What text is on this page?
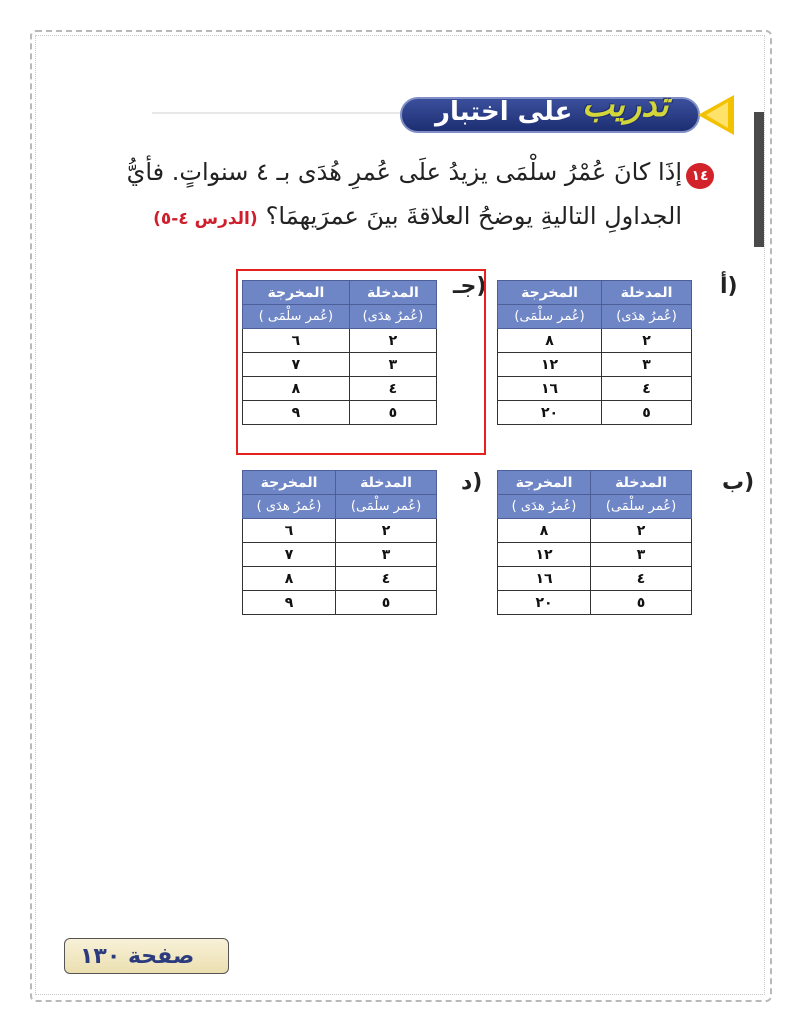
على اختبار تدريب
١٤
إذَا كانَ عُمْرُ سلْمَى يزيدُ علَى عُمرِ هُدَى بـ ٤ سنواتٍ. فأيُّ
الجداولِ التاليةِ يوضحُ العلاقةَ بينَ عمرَيهمَا؟(الدرس ٤-٥)
أ)
المدخلة	المخرجة
(عُمرُ هدَى)	(عُمر سلْمَى)
٢	٨
٣	١٢
٤	١٦
٥	٢٠
جـ)
المدخلة	المخرجة
(عُمرُ هدَى)	(عُمر سلْمَى )
٢	٦
٣	٧
٤	٨
٥	٩
ب)
المدخلة	المخرجة
(عُمر سلْمَى)	(عُمرُ هدَى )
٢	٨
٣	١٢
٤	١٦
٥	٢٠
د)
المدخلة	المخرجة
(عُمر سلْمَى)	(عُمرُ هدَى )
٢	٦
٣	٧
٤	٨
٥	٩
صفحة ١٣٠
